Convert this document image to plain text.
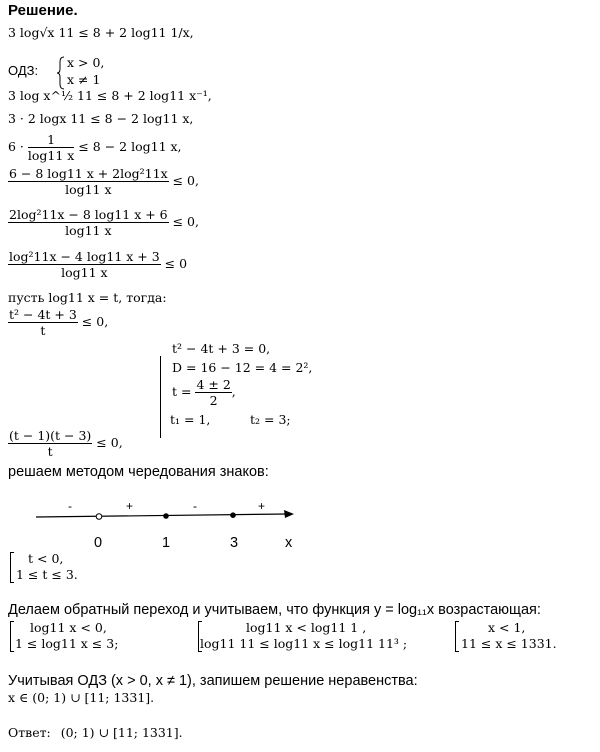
Решение.
3 log√x 11 ≤ 8 + 2 log11 1/x,
ОДЗ:
x > 0,
x ≠ 1
3 log x^½ 11 ≤ 8 + 2 log11 x⁻¹,
3 · 2 logx 11 ≤ 8 − 2 log11 x,
$6 \cdot \frac{1}{\log 11 x} \le 8 - 2$ log11 x,
$\frac{\text{6 − 8 log11 x + 2log²11x}}{\log 11 x} \le 0$,
$\frac{\text{2log²11x − 8 log11 x + 6}}{\log 11 x} \le 0$,
$\frac{\text{log²11x − 4 log11 x + 3}}{\log 11 x} \le 0$
пусть log11 x = t, тогда:
$\frac{\text{t² − 4t + 3}}{t} \le 0$,
t² − 4t + 3 = 0,
D = 16 − 12 = 4 = 2²,
$t = \frac{4 \pm 2}{2}$ ,
t₁ = 1,	t₂ = 3;
$\frac{(t - 1)(t - 3)}{t} \le 0$,
решаем методом чередования знаков:
-	+	-	+
0	1	3	x
t < 0,
1 ≤ t ≤ 3.
Делаем обратный переход и учитываем, что функция y = log₁₁x возрастающая:
log11 x < 0,
1 ≤ log11 x ≤ 3;
log11 x < log11 1 ,
log11 11 ≤ log11 x ≤ log11 11³ ;
x < 1,
11 ≤ x ≤ 1331.
Учитывая ОДЗ (x > 0, x ≠ 1), запишем решение неравенства:
x ∈ (0; 1) ∪ [11; 1331].
Ответ: (0; 1) ∪ [11; 1331].
